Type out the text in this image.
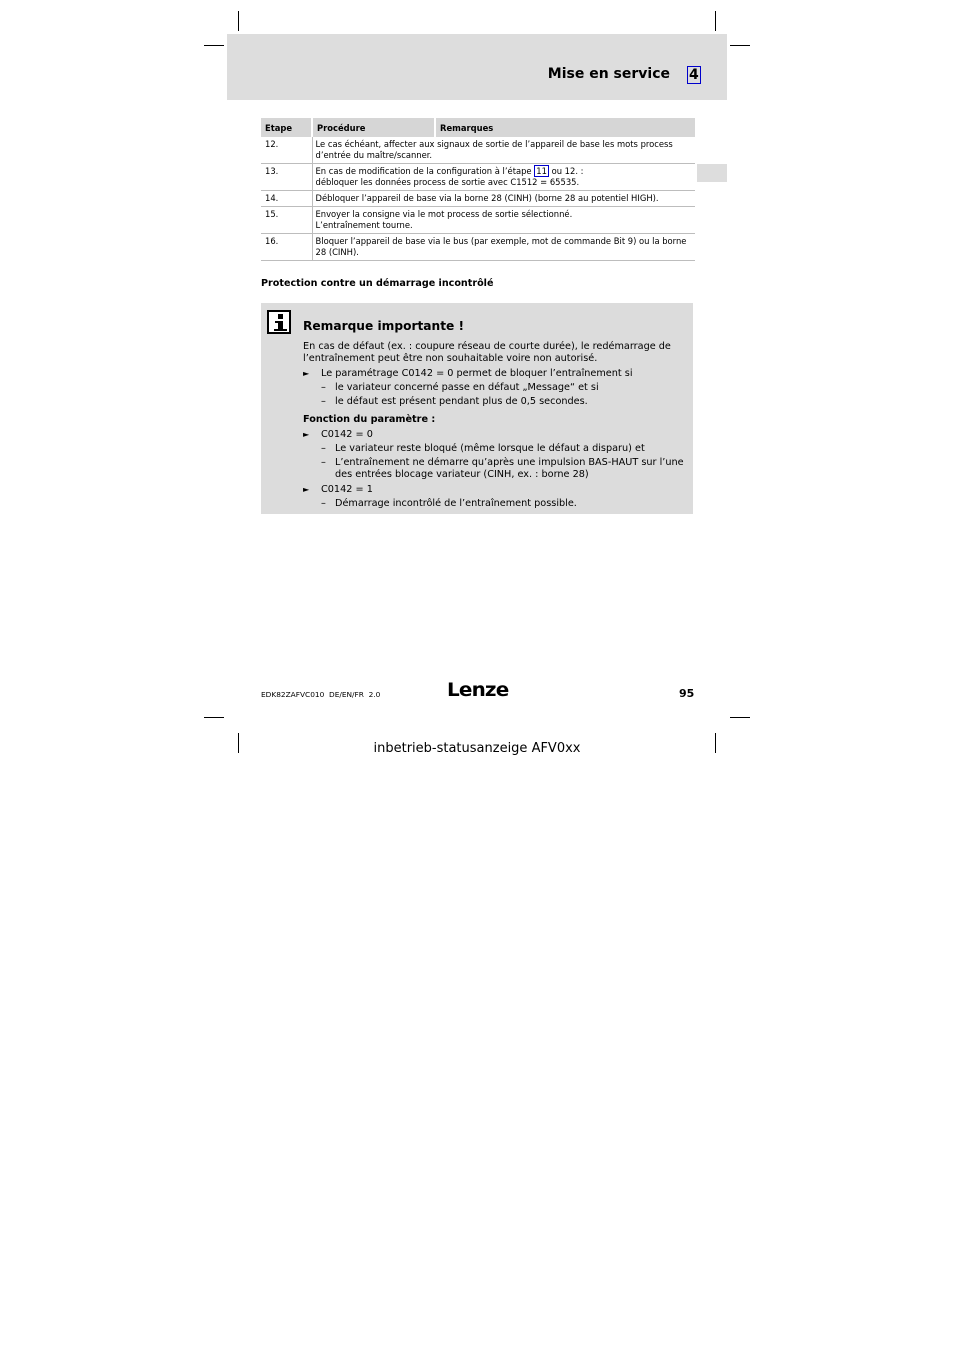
Mise en service 4
Etape	Procédure	Remarques
12.	Le cas échéant, affecter aux signaux de sortie de l’appareil de base les mots process
d’entrée du maître/scanner.	

13.	En cas de modification de la configuration à l’étape 11 ou 12. :
débloquer les données process de sortie avec C1512 = 65535.	

14.	Débloquer l’appareil de base via la borne 28 (CINH) (borne 28 au potentiel HIGH).	

15.	Envoyer la consigne via le mot process de sortie sélectionné.
L’entraînement tourne.	

16.	Bloquer l’appareil de base via le bus (par exemple, mot de commande Bit 9) ou la borne
28 (CINH).	
Protection contre un démarrage incontrôlé
Remarque importante !

En cas de défaut (ex. : coupure réseau de courte durée), le redémarrage de

l’entraînement peut être non souhaitable voire non autorisé.

► Le paramétrage C0142 = 0 permet de bloquer l’entraînement si
– le variateur concerné passe en défaut „Message“ et si
– le défaut est présent pendant plus de 0,5 secondes.

Fonction du paramètre :

► C0142 = 0
– Le variateur reste bloqué (même lorsque le défaut a disparu) et
– L’entraînement ne démarre qu’après une impulsion BAS-HAUT sur l’une
des entrées blocage variateur (CINH, ex. : borne 28)
► C0142 = 1
– Démarrage incontrôlé de l’entraînement possible.
EDK82ZAFVC010  DE/EN/FR  2.0	Lenze	95
inbetrieb-statusanzeige AFV0xx
